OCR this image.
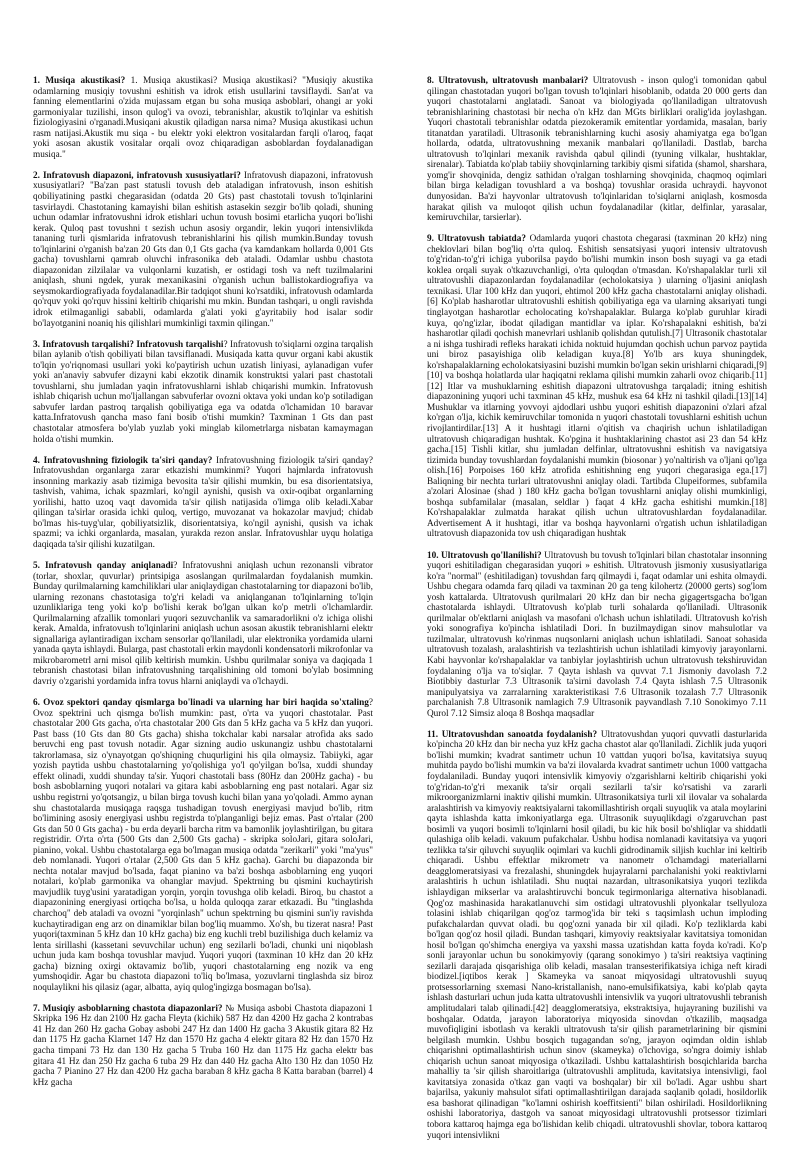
1. Musiqa akustikasi? 1. Musiqa akustikasi? Musiqa akustikasi? "Musiqiy akustika odamlarning musiqiy tovushni eshitish va idrok etish usullarini tavsiflaydi. San'at va fanning elementlarini o'zida mujassam etgan bu soha musiqa asboblari, ohangi ar yoki garmoniyalar tuzilishi, inson qulog'i va ovozi, tebranishlar, akustik to'lqinlar va eshitish fiziologiyasini o'rganadi.Musiqani akustik qiladigan narsa nima? Musiqa akustikasi uchun rasm natijasi.Akustik mu siqa - bu elektr yoki elektron vositalardan farqli o'laroq, faqat yoki asosan akustik vositalar orqali ovoz chiqaradigan asboblardan foydalanadigan musiqa."

2. Infratovush diapazoni, infratovush xususiyatlari? Infratovush diapazoni, infratovush xususiyatlari? "Ba'zan past statusli tovush deb ataladigan infratovush, inson eshitish qobiliyatining pastki chegarasidan (odatda 20 Gts) past chastotali tovush to'lqinlarini tasvirlaydi. Chastotaning kamayishi bilan eshitish astasekin sezgir bo'lib qoladi, shuning uchun odamlar infratovushni idrok etishlari uchun tovush bosimi etarlicha yuqori bo'lishi kerak. Quloq past tovushni t sezish uchun asosiy organdir, lekin yuqori intensivlikda tananing turli qismlarida infratovush tebranishlarini his qilish mumkin.Bunday tovush to'lqinlarini o'rganish ba'zan 20 Gts dan 0,1 Gts gacha (va kamdankam hollarda 0,001 Gts gacha) tovushlarni qamrab oluvchi infrasonika deb ataladi. Odamlar ushbu chastota diapazonidan zilzilalar va vulqonlarni kuzatish, er ostidagi tosh va neft tuzilmalarini aniqlash, shuni ngdek, yurak mexanikasini o'rganish uchun ballistokardiografiya va seysmokardiografiyada foydalanadilar.Bir tadqiqot shuni ko'rsatdiki, infratovush odamlarda qo'rquv yoki qo'rquv hissini keltirib chiqarishi mu mkin. Bundan tashqari, u ongli ravishda idrok etilmaganligi sababli, odamlarda g'alati yoki g'ayritabiiy hod isalar sodir bo'layotganini noaniq his qilishlari mumkinligi taxmin qilingan."

3. Infratovush tarqalishi? Infratovush tarqalishi? Infratovush to'siqlarni ozgina tarqalish bilan aylanib o'tish qobiliyati bilan tavsiflanadi. Musiqada katta quvur organi kabi akustik to'lqin yo'riqnomasi usullari yoki ko'paytirish uchun uzatish liniyasi, aylanadigan vufer yoki an'anaviy sabvufer dizayni kabi ekzotik dinamik konstruktsi yalari past chastotali tovushlarni, shu jumladan yaqin infratovushlarni ishlab chiqarishi mumkin. Infratovush ishlab chiqarish uchun mo'ljallangan sabvuferlar ovozni oktava yoki undan ko'p sotiladigan sabvufer lardan pastroq tarqalish qobiliyatiga ega va odatda o'lchamidan 10 baravar katta.Infratovush qancha maso fani bosib o'tishi mumkin? Taxminan 1 Gts dan past chastotalar atmosfera bo'ylab yuzlab yoki minglab kilometrlarga nisbatan kamaymagan holda o'tishi mumkin.

4. Infratovushning fiziologik ta'siri qanday? Infratovushning fiziologik ta'siri qanday? Infratovushdan organlarga zarar etkazishi mumkinmi? Yuqori hajmlarda infratovush insonning markaziy asab tizimiga bevosita ta'sir qilishi mumkin, bu esa disorientatsiya, tashvish, vahima, ichak spazmlari, ko'ngil aynishi, qusish va oxir-oqibat organlarning yorilishi, hatto uzoq vaqt davomida ta'sir qilish natijasida o'limga olib keladi.Xabar qilingan ta'sirlar orasida ichki quloq, vertigo, muvozanat va hokazolar mavjud; chidab bo'lmas his-tuyg'ular, qobiliyatsizlik, disorientatsiya, ko'ngil aynishi, qusish va ichak spazmi; va ichki organlarda, masalan, yurakda rezon anslar. Infratovushlar uyqu holatiga daqiqada ta'sir qilishi kuzatilgan.

5. Infratovush qanday aniqlanadi? Infratovushni aniqlash uchun rezonansli vibrator (torlar, shoxlar, quvurlar) printsipiga asoslangan qurilmalardan foydalanish mumkin. Bunday qurilmalarning kamchiliklari ular aniqlaydigan chastotalarning tor diapazoni bo'lib, ularning rezonans chastotasiga to'g'ri keladi va aniqlanganan to'lqinlarning to'lqin uzunliklariga teng yoki ko'p bo'lishi kerak bo'lgan ulkan ko'p metrli o'lchamlardir. Qurilmalarning afzallik tomonlari yuqori sezuvchanlik va samaradorlikni o'z ichiga olishi kerak. Amalda, infratovush to'lqinlarini aniqlash uchun asosan akustik tebranishlarni elektr signallariga aylantiradigan ixcham sensorlar qo'llaniladi, ular elektronika yordamida ularni yanada qayta ishlaydi. Bularga, past chastotali erkin maydonli kondensatorli mikrofonlar va mikrobarometrl arni misol qilib keltirish mumkin. Ushbu qurilmalar soniya va daqiqada 1 tebranish chastotasi bilan infratovushning tarqalishining old tomoni bo'ylab bosimning davriy o'zgarishi yordamida infra tovus hlarni aniqlaydi va o'lchaydi.

6. Ovoz spektori qanday qismlarga bo'linadi va ularning har biri haqida so'xtaling? Ovoz spektrini uch qismga bo'lish mumkin: past, o'rta va yuqori chastotalar. Past chastotalar 200 Gts gacha, o'rta chastotalar 200 Gts dan 5 kHz gacha va 5 kHz dan yuqori. Past bass (10 Gts dan 80 Gts gacha) shisha tokchalar kabi narsalar atrofida aks sado beruvchi eng past tovush notadir. Agar sizning audio uskunangiz ushbu chastotalarni takrorlamasa, siz o'ynayotgan qo'shiqning chuqurligini his qila olmaysiz. Tabiiyki, agar yozish paytida ushbu chastotalarning yo'qolishiga yo'l qo'yilgan bo'lsa, xuddi shunday effekt olinadi, xuddi shunday ta'sir. Yuqori chastotali bass (80Hz dan 200Hz gacha) - bu bosh asboblarning yuqori notalari va gitara kabi asboblarning eng past notalari. Agar siz ushbu registrni yo'qotsangiz, u bilan birga tovush kuchi bilan yana yo'qoladi. Ammo aynan shu chastotalarda musiqaga raqsga tushadigan tovush energiyasi mavjud bo'lib, ritm bo'limining asosiy energiyasi ushbu registrda to'planganligi bejiz emas. Past o'rtalar (200 Gts dan 50 0 Gts gacha) - bu erda deyarli barcha ritm va bamonlik joylashtirilgan, bu gitara registridir. O'rta o'rta (500 Gts dan 2,500 Gts gacha) - skripka soloJari, gitara soloJari, pianino, vokal. Ushbu chastotalarga ega bo'lmagan musiqa odatda "zerikarli" yoki "ma'yus" deb nomlanadi. Yuqori o'rtalar (2,500 Gts dan 5 kHz gacha). Garchi bu diapazonda bir nechta notalar mavjud bo'lsada, faqat pianino va ba'zi boshqa asboblarning eng yuqori notalari, ko'plab garmonika va ohanglar mavjud. Spektrning bu qismini kuchaytirish mavjudlik tuyg'usini yaratadigan yorqin, yorqin tovushga olib keladi. Biroq, bu chastot a diapazonining energiyasi ortiqcha bo'lsa, u holda quloqqa zarar etkazadi. Bu "tinglashda charchoq" deb ataladi va ovozni "yorqinlash" uchun spektrning bu qismini sun'iy ravishda kuchaytiradigan eng arz on dinamiklar bilan bog'liq muammo. Xo'sh, bu tizerat nasra! Past yuqori(taxminan 5 kHz dan 10 kHz gacha) biz eng kuchli trebl buzilishiga duch kelamiz va lenta sirillashi (kassetani sevuvchilar uchun) eng sezilarli bo'ladi, chunki uni niqoblash uchun juda kam boshqa tovushlar mavjud. Yuqori yuqori (taxminan 10 kHz dan 20 kHz gacha) bizning oxirgi oktavamiz bo'lib, yuqori chastotalarning eng nozik va eng yumshoqidir. Agar bu chastota diapazoni to'liq bo'lmasa, yozuvlarni tinglashda siz biroz noqulaylikni his qilasiz (agar, albatta, ayiq qulog'ingizga bosmagan bo'lsa).

7. Musiqiy asboblarning chastota diapazonlari? № Musiqa asbobi Chastota diapazoni 1 Skripka 196 Hz dan 2100 Hz gacha Fleyta (kichik) 587 Hz dan 4200 Hz gacha 2 kontrabas 41 Hz dan 260 Hz gacha Gobay asbobi 247 Hz dan 1400 Hz gacha 3 Akustik gitara 82 Hz dan 1175 Hz gacha Klarnet 147 Hz dan 1570 Hz gacha 4 elektr gitara 82 Hz dan 1570 Hz gacha timpani 73 Hz dan 130 Hz gacha 5 Truba 160 Hz dan 1175 Hz gacha elektr bas gitara 41 Hz dan 250 Hz gacha 6 tuba 29 Hz dan 440 Hz gacha Alto 130 Hz dan 1050 Hz gacha 7 Pianino 27 Hz dan 4200 Hz gacha baraban 8 kHz gacha 8 Katta baraban (barrel) 4 kHz gacha

8. Ultratovush, ultratovush manbalari? Ultratovush - inson qulog'i tomonidan qabul qilingan chastotadan yuqori bo'lgan tovush to'lqinlari hisoblanib, odatda 20 000 gerts dan yuqori chastotalarni anglatadi. Sanoat va biologiyada qo'llaniladigan ultratovush tebranishlarining chastotasi bir necha o'n kHz dan MGts birliklari oralig'ida joylashgan. Yuqori chastotali tebranishlar odatda piezokeramik emitentlar yordamida, masalan, bariy titanatdan yaratiladi. Ultrasonik tebranishlarning kuchi asosiy ahamiyatga ega bo'lgan hollarda, odatda, ultratovushning mexanik manbalari qo'llaniladi. Dastlab, barcha ultratovush to'lqinlari mexanik ravishda qabul qilindi (tyuning vilkalar, hushtaklar, sirenalar). Tabiatda ko'plab tabiiy shovqinlarning tarkibiy qismi sifatida (shamol, sharshara, yomg'ir shovqinida, dengiz sathidan o'ralgan toshlarning shovqinida, chaqmoq oqimlari bilan birga keladigan tovushlard a va boshqa) tovushlar orasida uchraydi. hayvonot dunyosidan. Ba'zi hayvonlar ultratovush to'lqinlaridan to'siqlarni aniqlash, kosmosda harakat qilish va muloqot qilish uchun foydalanadilar (kitlar, delfinlar, yarasalar, kemiruvchilar, tarsierlar).

9. Ultratovush tabiatda? Odamlarda yuqori chastota chegarasi (taxminan 20 kHz) ning cheklovlari bilan bog'liq o'rta quloq. Eshitish sensatsiyasi yuqori intensiv ultratovush to'g'ridan-to'g'ri ichiga yuborilsa paydo bo'lishi mumkin inson bosh suyagi va ga etadi koklea orqali suyak o'tkazuvchanligi, o'rta quloqdan o'tmasdan. Ko'rshapalaklar turli xil ultratovushli diapazonlardan foydalanadilar (echolokatsiya ) ularning o'ljasini aniqlash texnikasi. Ular 100 kHz dan yuqori, ehtimol 200 kHz gacha chastotalarni aniqlay olishadi.[6] Ko'plab hasharotlar ultratovushli eshitish qobiliyatiga ega va ularning aksariyati tungi tinglayotgan hasharotlar echolocating ko'rshapalaklar. Bularga ko'plab guruhlar kiradi kuya, qo'ng'izlar, ibodat qiladigan mantidlar va iplar. Ko'rshapalakni eshitish, ba'zi hasharotlar qiladi qochish manevrlari ushlanib qolishdan qutulish.[7] Ultrasonik chastotalar a ni ishga tushiradi refleks harakati ichida noktuid hujumdan qochish uchun parvoz paytida uni biroz pasayishiga olib keladigan kuya.[8] Yo'lb ars kuya shuningdek, ko'rshapalaklarning echolokatsiyasini buzishi mumkin bo'lgan sekin urishlarni chiqaradi,[9][10] va boshqa holatlarda ular haqiqatni reklama qilishi mumkin zaharli ovoz chiqarib.[11][12] Itlar va mushuklarning eshitish diapazoni ultratovushga tarqaladi; itning eshitish diapazonining yuqori uchi taxminan 45 kHz, mushuk esa 64 kHz ni tashkil qiladi.[13][14] Mushuklar va itlarning yovvoyi ajdodlari ushbu yuqori eshitish diapazonini o'zlari afzal ko'rgan o'lja, kichik kemiruvchilar tomonida n yuqori chastotali tovushlarni eshitish uchun rivojlantirdilar.[13] A it hushtagi itlarni o'qitish va chaqirish uchun ishlatiladigan ultratovush chiqaradigan hushtak. Ko'pgina it hushtaklarining chastot asi 23 dan 54 kHz gacha.[15] Tishli kitlar, shu jumladan delfinlar, ultratovushni eshitish va navigatsiya tizimida bunday tovushlardan foydalanishi mumkin (biosonar ) yo'naltirish va o'ljani qo'lga olish.[16] Porpoises 160 kHz atrofida eshitishning eng yuqori chegarasiga ega.[17] Baliqning bir nechta turlari ultratovushni aniqlay oladi. Tartibda Clupeiformes, subfamila a'zolari Alosinae (shad ) 180 kHz gacha bo'lgan tovushlarni aniqlay olishi mumkinligi, boshqa subfamilalar (masalan, seldlar ) faqat 4 kHz gacha eshitishi mumkin.[18] Ko'rshapalaklar zulmatda harakat qilish uchun ultratovushlardan foydalanadilar. Advertisement A it hushtagi, itlar va boshqa hayvonlarni o'rgatish uchun ishlatiladigan ultratovush diapazonida tov ush chiqaradigan hushtak

10. Ultratovush qo'llanilishi? Ultratovush bu tovush to'lqinlari bilan chastotalar insonning yuqori eshitiladigan chegarasidan yuqori » eshitish. Ultratovush jismoniy xususiyatlariga ko'ra "normal" (eshitiladigan) tovushdan farq qilmaydi i, faqat odamlar uni eshita olmaydi. Ushbu chegara odamda farq qiladi va taxminan 20 ga teng kilohertz (20000 gerts) sog'lom yosh kattalarda. Ultratovush qurilmalari 20 kHz dan bir necha gigagertsgacha bo'lgan chastotalarda ishlaydi. Ultratovush ko'plab turli sohalarda qo'llaniladi. Ultrasonik qurilmalar ob'ektlarni aniqlash va masofani o'lchash uchun ishlatiladi. Ultratovush ko'rish yoki sonografiya ko'pincha ishlatiladi Dori. In buzilmaydigan sinov mahsulotlar va tuzilmalar, ultratovush ko'rinmas nuqsonlarni aniqlash uchun ishlatiladi. Sanoat sohasida ultratovush tozalash, aralashtirish va tezlashtirish uchun ishlatiladi kimyoviy jarayonlarni. Kabi hayvonlar ko'rshapalaklar va tanbiylar joylashtirish uchun ultratovush tekshiruvidan foydalaning o'lja va to'siqlar. 7 Qayta ishlash va quvvat 7.1 Jismoniy davolash 7.2 Biotibbiy dasturlar 7.3 Ultrasonik ta'sirni davolash 7.4 Qayta ishlash 7.5 Ultrasonik manipulyatsiya va zarralarning xarakteristikasi 7.6 Ultrasonik tozalash 7.7 Ultrasonik parchalanish 7.8 Ultrasonik namlagich 7.9 Ultrasonik payvandlash 7.10 Sonokimyo 7.11 Qurol 7.12 Simsiz aloqa 8 Boshqa maqsadlar

11. Ultratovushdan sanoatda foydalanish? Ultratovushdan yuqori quvvatli dasturlarida ko'pincha 20 kHz dan bir necha yuz kHz gacha chastot alar qo'llaniladi. Zichlik juda yuqori bo'lishi mumkin; kvadrat santimetr uchun 10 vattdan yuqori bo'lsa, kavitatsiya suyuq muhitda paydo bo'lishi mumkin va ba'zi ilovalarda kvadrat santimetr uchun 1000 vattgacha foydalaniladi. Bunday yuqori intensivlik kimyoviy o'zgarishlarni keltirib chiqarishi yoki to'g'ridan-to'g'ri mexanik ta'sir orqali sezilarli ta'sir ko'rsatishi va zararli mikroorganizmlarni inaktiv qilishi mumkin. Ultrasonikatsiya turli xil ilovalar va sohalarda aralashtirish va kimyoviy reaktsiyalarni takomillashtirish orqali suyuqlik va atala moylarini qayta ishlashda katta imkoniyatlarga ega. Ultrasonik suyuqlikdagi o'zgaruvchan past bosimli va yuqori bosimli to'lqinlarni hosil qiladi, bu kic hik bosil bo'shliqlar va shiddatli qulashiga olib keladi. vakuum pufakchalar. Ushbu hodisa nomlanadi kavitatsiya va yuqori tezlikka ta'sir qiluvchi suyuqlik oqimlari va kuchli gidrodinamik siljish kuchlar ini keltirib chiqaradi. Ushbu effektlar mikrometr va nanometr o'lchamdagi materiallarni deagglomeratsiyasi va frezalashi, shuningdek hujayralarni parchalanishi yoki reaktivlarni aralashtiris h uchun ishlatiladi. Shu nuqtai nazardan, ultrasonikatsiya yuqori tezlikda ishlaydigan mikserlar va aralashtiruvchi boncuk tegirmonlariga alternativa hisoblanadi. Qog'oz mashinasida harakatlanuvchi sim ostidagi ultratovushli plyonkalar tsellyuloza tolasini ishlab chiqarilgan qog'oz tarmog'ida bir teki s taqsimlash uchun imploding pufakchalardan quvvat oladi. bu qog'ozni yanada bir xil qiladi. Ko'p tezliklarda kabi bo'lgan qog'oz hosil qiladi. Bundan tashqari, kimyoviy reaktsiyalar kavitatsiya tomonidan hosil bo'lgan qo'shimcha energiya va yaxshi massa uzatishdan katta foyda ko'radi. Ko'p sonli jarayonlar uchun bu sonokimyoviy (qarang sonokimyo ) ta'siri reaktsiya vaqtining sezilarli darajada qisqarishiga olib keladi, masalan transesterifikatsiya ichiga neft kiradi biodizel.[iqtibos kerak ] Skameyka va sanoat miqyosidagi ultratovushli suyuq protsessorlarning sxemasi Nano-kristallanish, nano-emulsifikatsiya, kabi ko'plab qayta ishlash dasturlari uchun juda katta ultratovushli intensivlik va yuqori ultratovushli tebranish amplitudalari talab qilinadi.[42] deagglomeratsiya, ekstraktsiya, hujayraning buzilishi va boshqalar. Odatda, jarayon laboratoriya miqyosida sinovdan o'tkazilib, maqsadga muvofiqligini isbotlash va kerakli ultratovush ta'sir qilish parametrlarining bir qismini belgilash mumkin. Ushbu bosqich tugagandan so'ng, jarayon oqimdan oldin ishlab chiqarishni optimallashtirish uchun sinov (skameyka) o'lchoviga, so'ngra doimiy ishlab chiqarish uchun sanoat miqyosiga o'tkaziladi. Ushbu kattalashtirish bosqichlarida barcha mahalliy ta 'sir qilish sharoitlariga (ultratovushli amplituda, kavitatsiya intensivligi, faol kavitatsiya zonasida o'tkaz gan vaqti va boshqalar) bir xil bo'ladi. Agar ushbu shart bajarilsa, yakuniy mahsulot sifati optimallashtirilgan darajada saqlanib qoladi, hosildorlik esa bashorat qilinadigan "ko'lamni oshirish koeffitsienti" bilan oshiriladi. Hosildorlikning oshishi laboratoriya, dastgoh va sanoat miqyosidagi ultratovushli protsessor tizimlari tobora kattaroq hajmga ega bo'lishidan kelib chiqadi. ultratovushli shovlar, tobora kattaroq yuqori intensivlikni
